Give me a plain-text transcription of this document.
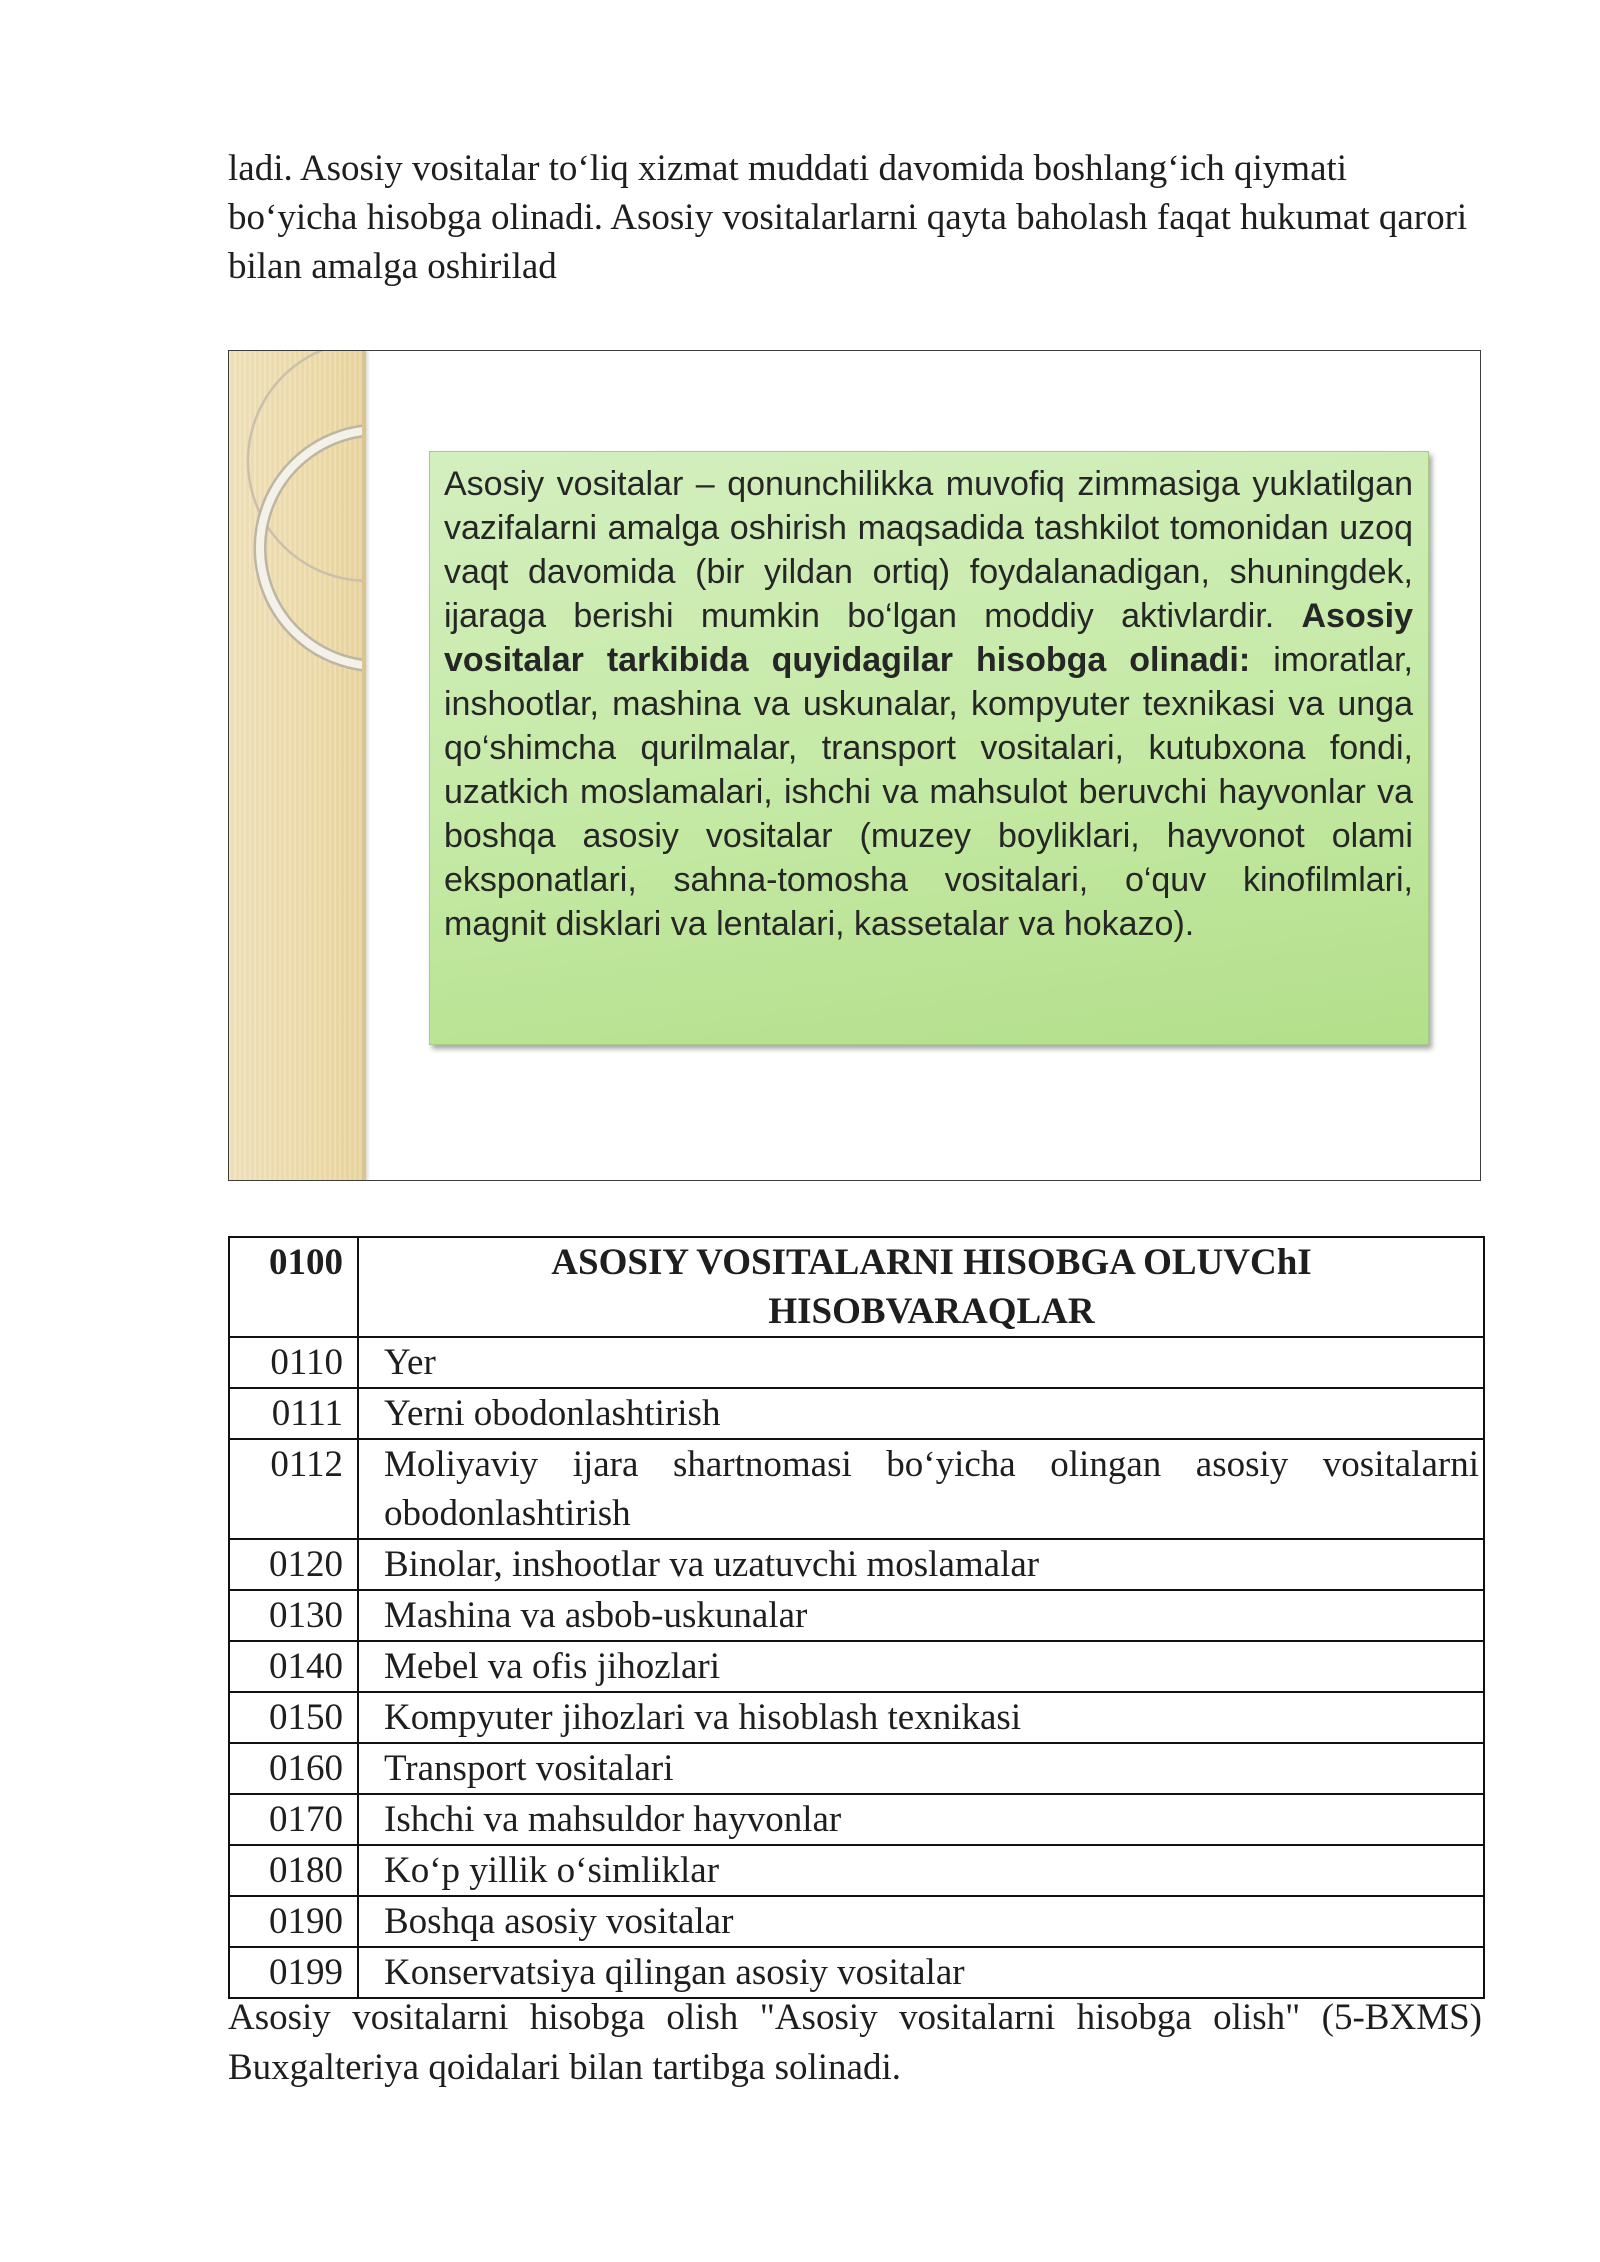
ladi. Asosiy vositalar to‘liq xizmat muddati davomida boshlang‘ich qiymati bo‘yicha hisobga olinadi. Asosiy vositalarlarni qayta baholash faqat hukumat qarori bilan amalga oshirilad

Asosiy vositalar – qonunchilikka muvofiq zimmasiga yuklatilgan vazifalarni amalga oshirish maqsadida tashkilot tomonidan uzoq vaqt davomida (bir yildan ortiq) foydalanadigan, shuningdek, ijaraga berishi mumkin bo‘lgan moddiy aktivlardir. Asosiy vositalar tarkibida quyidagilar hisobga olinadi: imoratlar, inshootlar, mashina va uskunalar, kompyuter texnikasi va unga qo‘shimcha qurilmalar, transport vositalari, kutubxona fondi, uzatkich moslamalari, ishchi va mahsulot beruvchi hayvonlar va boshqa asosiy vositalar (muzey boyliklari, hayvonot olami eksponatlari, sahna-tomosha vositalari, o‘quv kinofilmlari, magnit disklari va lentalari, kassetalar va hokazo).

0100	ASOSIY VOSITALARNI HISOBGA OLUVChI HISOBVARAQLAR

0110	Yer
0111	Yerni obodonlashtirish
0112	Moliyaviy ijara shartnomasi bo‘yicha olingan asosiy vositalarni obodonlashtirish
0120	Binolar, inshootlar va uzatuvchi moslamalar
0130	Mashina va asbob-uskunalar
0140	Mebel va ofis jihozlari
0150	Kompyuter jihozlari va hisoblash texnikasi
0160	Transport vositalari
0170	Ishchi va mahsuldor hayvonlar
0180	Ko‘p yillik o‘simliklar
0190	Boshqa asosiy vositalar
0199	Konservatsiya qilingan asosiy vositalar

Asosiy vositalarni hisobga olish "Asosiy vositalarni hisobga olish" (5-BXMS) Buxgalteriya qoidalari bilan tartibga solinadi.
